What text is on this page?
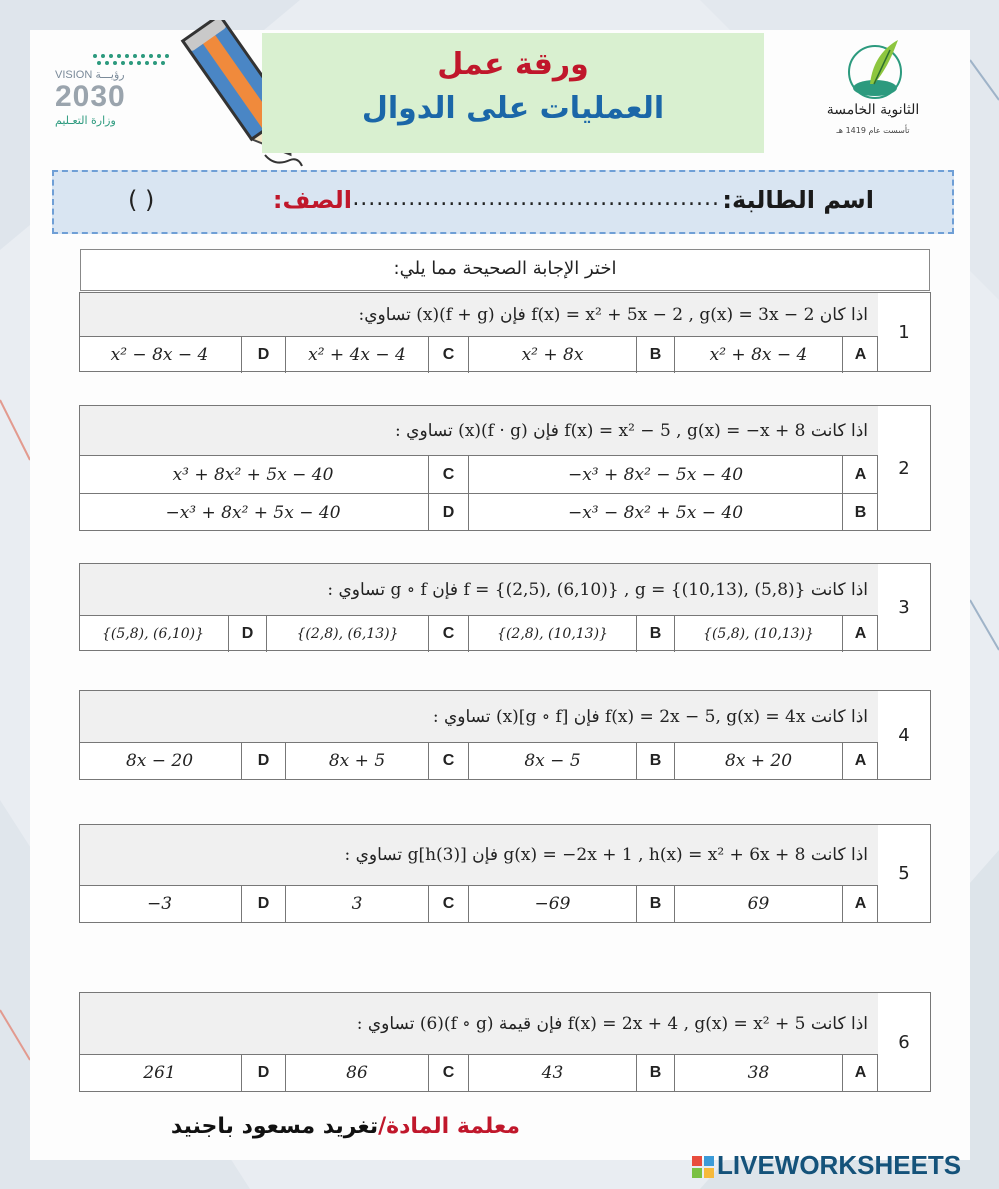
VISION رؤيـــة
2030
وزارة التعـليم
ورقة عمل
العمليات على الدوال	الثانوية الخامسة
تأسست عام 1419 هـ
اسم الطالبة:
................................................
الصف:
( )
اختر الإجابة الصحيحة مما يلي:
1
اذا كان f(x) = x² + 5x − 2 , g(x) = 3x − 2 فإن (f + g)(x) تساوي:
A
x² + 8x − 4
B
x² + 8x
C
x² + 4x − 4
D
x² − 8x − 4
2
اذا كانت f(x) = x² − 5 , g(x) = −x + 8 فإن (f · g)(x) تساوي :
A
−x³ + 8x² − 5x − 40
C
x³ + 8x² + 5x − 40
B
−x³ − 8x² + 5x − 40
D
−x³ + 8x² + 5x − 40
3
اذا كانت f = {(2,5), (6,10)} , g = {(10,13), (5,8)} فإن g ∘ f تساوي :
A
{(5,8), (10,13)}
B
{(2,8), (10,13)}
C
{(2,8), (6,13)}
D
{(5,8), (6,10)}
4
اذا كانت f(x) = 2x − 5, g(x) = 4x فإن [g ∘ f](x) تساوي :
A
8x + 20
B
8x − 5
C
8x + 5
D
8x − 20
5
اذا كانت g(x) = −2x + 1 , h(x) = x² + 6x + 8 فإن g[h(3)] تساوي :
A
69
B
−69
C
3
D
−3
6
اذا كانت f(x) = 2x + 4 , g(x) = x² + 5 فإن قيمة (f ∘ g)(6) تساوي :
A
38
B
43
C
86
D
261
معلمة المادة/تغريد مسعود باجنيد
LIVEWORKSHEETS
